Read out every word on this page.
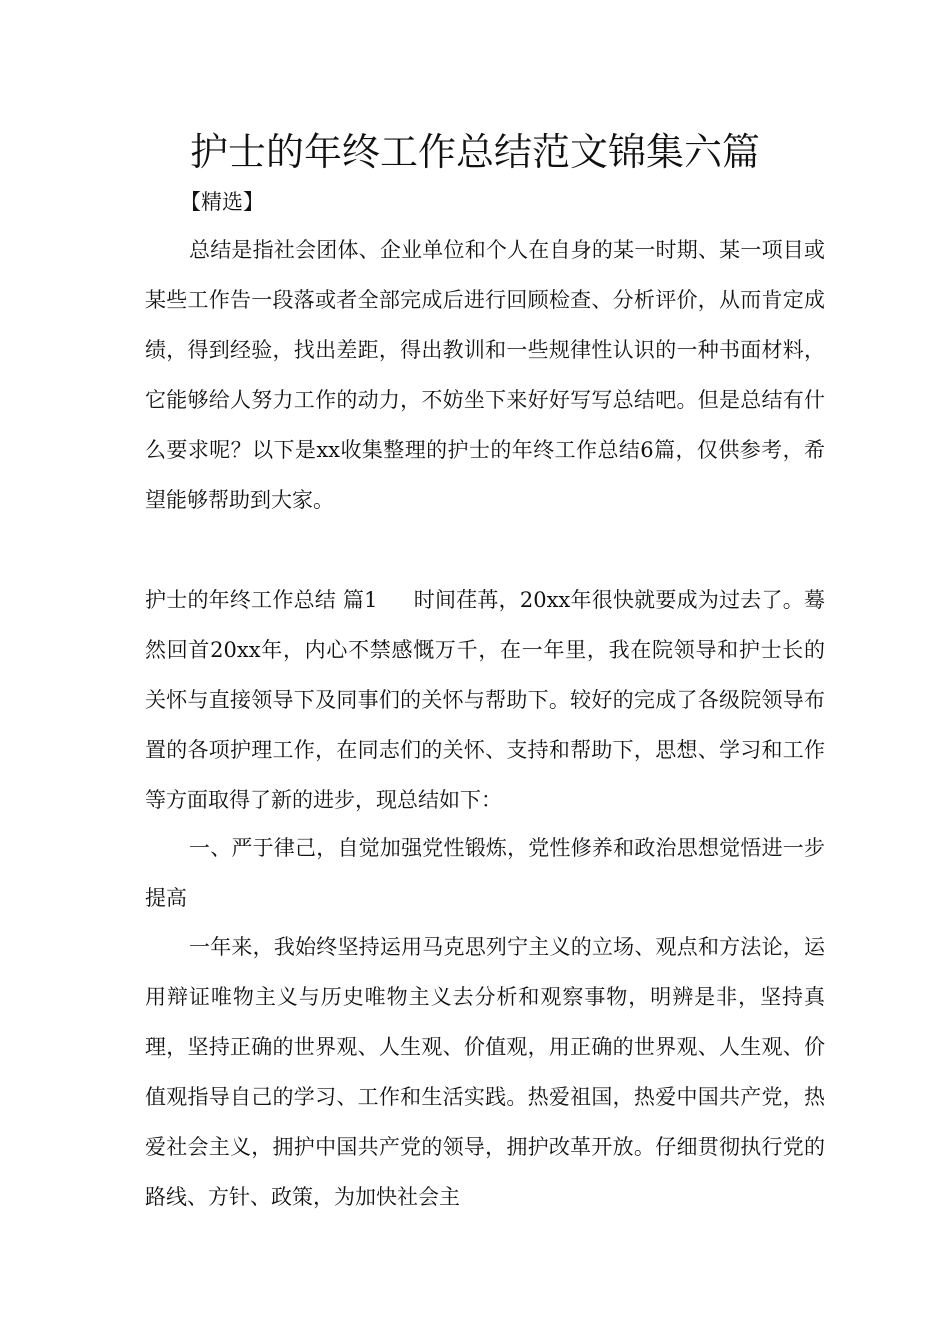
护士的年终工作总结范文锦集六篇

【精选】

总结是指社会团体、企业单位和个人在自身的某一时期、某一项目或某些工作告一段落或者全部完成后进行回顾检查、分析评价，从而肯定成绩，得到经验，找出差距，得出教训和一些规律性认识的一种书面材料，它能够给人努力工作的动力，不妨坐下来好好写写总结吧。但是总结有什么要求呢？以下是xx收集整理的护士的年终工作总结6篇，仅供参考，希望能够帮助到大家。

护士的年终工作总结 篇1 时间荏苒，20xx年很快就要成为过去了。蓦然回首20xx年，内心不禁感慨万千，在一年里，我在院领导和护士长的关怀与直接领导下及同事们的关怀与帮助下。较好的完成了各级院领导布置的各项护理工作，在同志们的关怀、支持和帮助下，思想、学习和工作等方面取得了新的进步，现总结如下：

一、严于律己，自觉加强党性锻炼，党性修养和政治思想觉悟进一步提高

一年来，我始终坚持运用马克思列宁主义的立场、观点和方法论，运用辩证唯物主义与历史唯物主义去分析和观察事物，明辨是非，坚持真理，坚持正确的世界观、人生观、价值观，用正确的世界观、人生观、价值观指导自己的学习、工作和生活实践。热爱祖国，热爱中国共产党，热爱社会主义，拥护中国共产党的领导，拥护改革开放。仔细贯彻执行党的路线、方针、政策，为加快社会主
